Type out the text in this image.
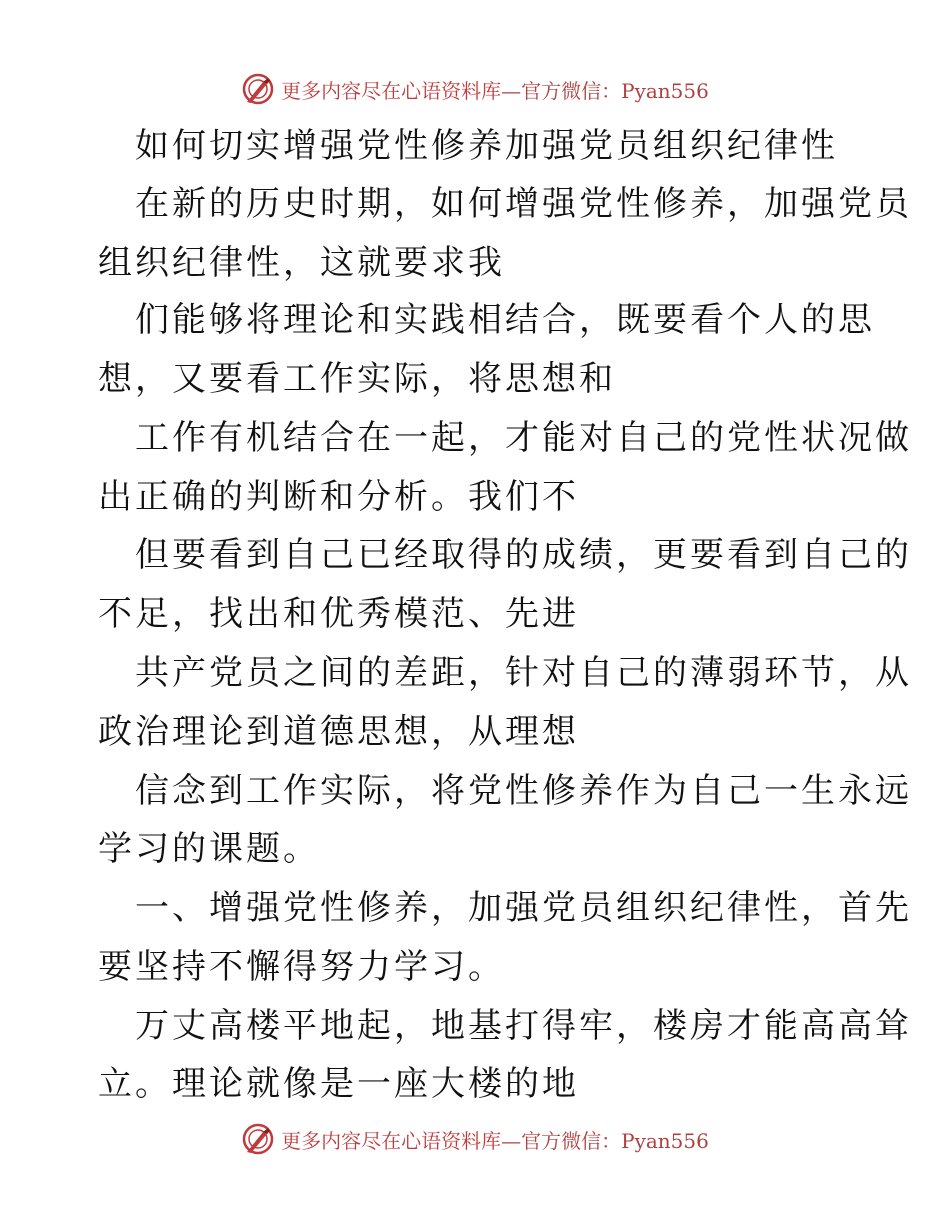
更多内容尽在心语资料库—官方微信：Pyan556
如何切实增强党性修养加强党员组织纪律性
在新的历史时期，如何增强党性修养，加强党员
组织纪律性，这就要求我
们能够将理论和实践相结合，既要看个人的思
想，又要看工作实际，将思想和
工作有机结合在一起，才能对自己的党性状况做
出正确的判断和分析。我们不
但要看到自己已经取得的成绩，更要看到自己的
不足，找出和优秀模范、先进
共产党员之间的差距，针对自己的薄弱环节，从
政治理论到道德思想，从理想
信念到工作实际，将党性修养作为自己一生永远
学习的课题。
一、增强党性修养，加强党员组织纪律性，首先
要坚持不懈得努力学习。
万丈高楼平地起，地基打得牢，楼房才能高高耸
立。理论就像是一座大楼的地
更多内容尽在心语资料库—官方微信：Pyan556
